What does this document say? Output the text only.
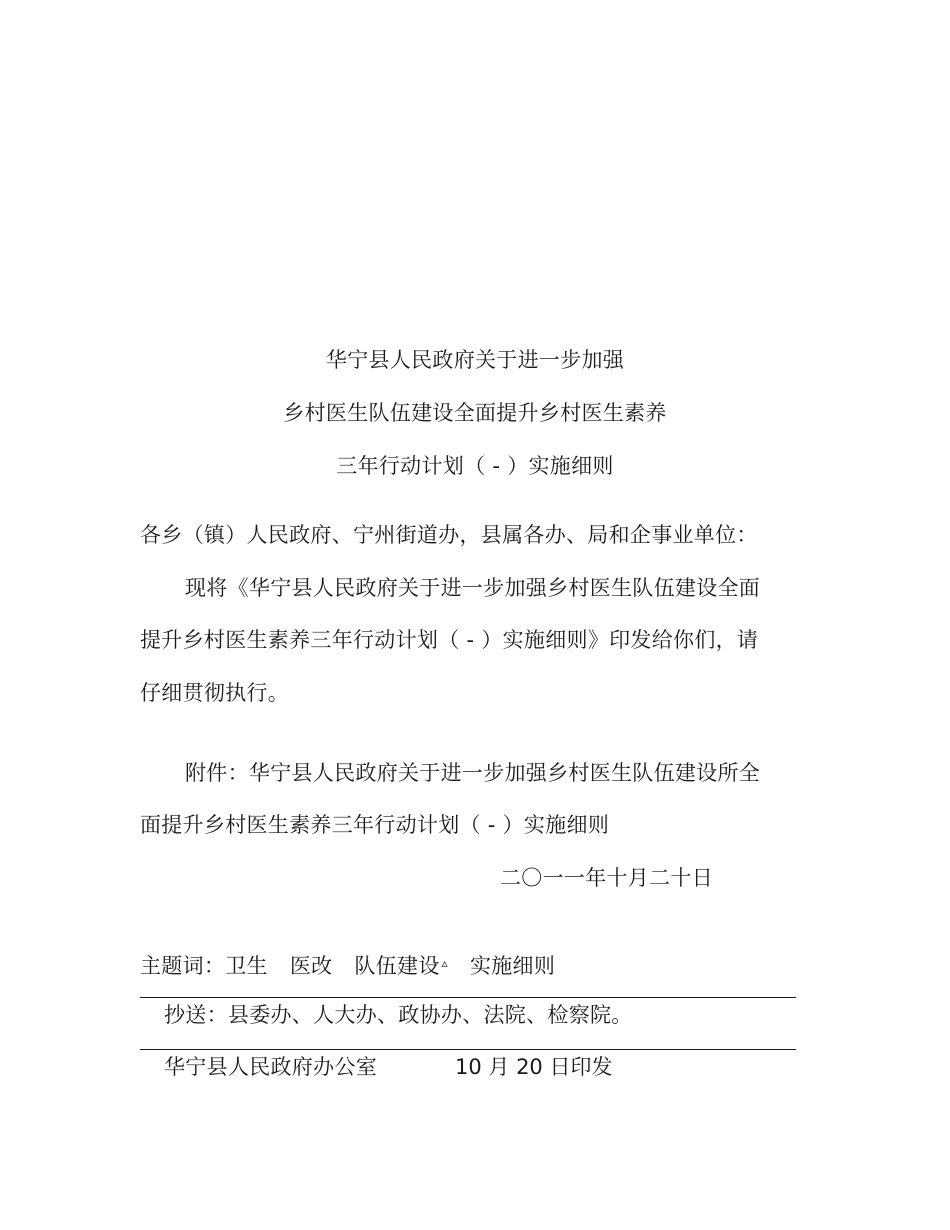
华宁县人民政府关于进一步加强
乡村医生队伍建设全面提升乡村医生素养
三年行动计划（ - ）实施细则
各乡（镇）人民政府、宁州街道办，县属各办、局和企事业单位：
现将《华宁县人民政府关于进一步加强乡村医生队伍建设全面
提升乡村医生素养三年行动计划（ - ）实施细则》印发给你们，请
仔细贯彻执行。
附件：华宁县人民政府关于进一步加强乡村医生队伍建设所全
面提升乡村医生素养三年行动计划（ - ）实施细则
二〇一一年十月二十日
主题词：卫生 医改 队伍建设 ▵ 实施细则
抄送：县委办、人大办、政协办、法院、检察院。
华宁县人民政府办公室	10 月 20 日印发
